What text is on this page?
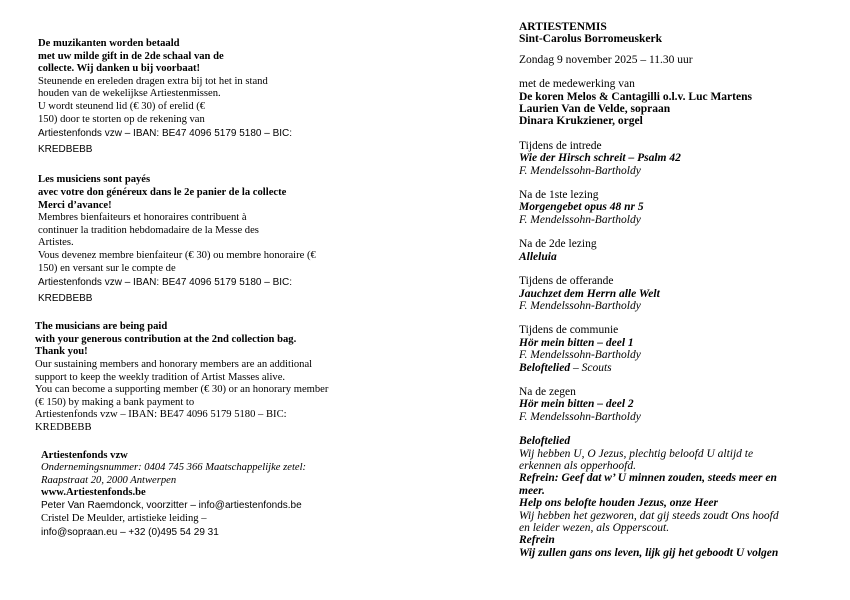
De muzikanten worden betaald
met uw milde gift in de 2de schaal van de
collecte. Wij danken u bij voorbaat!
Steunende en ereleden dragen extra bij tot het in stand
houden van de wekelijkse Artiestenmissen.
U wordt steunend lid (€ 30) of erelid (€
150) door te storten op de rekening van
Artiestenfonds vzw – IBAN: BE47 4096 5179 5180 – BIC:
KREDBEBB
Les musiciens sont payés
avec votre don généreux dans le 2e panier de la collecte
Merci d’avance!
Membres bienfaiteurs et honoraires contribuent à
continuer la tradition hebdomadaire de la Messe des
Artistes.
Vous devenez membre bienfaiteur (€ 30) ou membre honoraire (€
150) en versant sur le compte de
Artiestenfonds vzw – IBAN: BE47 4096 5179 5180 – BIC:
KREDBEBB
The musicians are being paid
with your generous contribution at the 2nd collection bag.
Thank you!
Our sustaining members and honorary members are an additional
support to keep the weekly tradition of Artist Masses alive.
You can become a supporting member (€ 30) or an honorary member
(€ 150) by making a bank payment to
Artiestenfonds vzw – IBAN: BE47 4096 5179 5180 – BIC:
KREDBEBB
Artiestenfonds vzw
Ondernemingsnummer: 0404 745 366 Maatschappelijke zetel:
Raapstraat 20, 2000 Antwerpen
www.Artiestenfonds.be
Peter Van Raemdonck, voorzitter – info@artiestenfonds.be
Cristel De Meulder, artistieke leiding –
info@sopraan.eu – +32 (0)495 54 29 31
ARTIESTENMIS
Sint-Carolus Borromeuskerk
Zondag 9 november 2025 – 11.30 uur
met de medewerking van
De koren Melos & Cantagilli o.l.v. Luc Martens
Laurien Van de Velde, sopraan
Dinara Krukziener, orgel
Tijdens de intrede
Wie der Hirsch schreit – Psalm 42
F. Mendelssohn-Bartholdy
Na de 1ste lezing
Morgengebet opus 48 nr 5
F. Mendelssohn-Bartholdy
Na de 2de lezing
Alleluia
Tijdens de offerande
Jauchzet dem Herrn alle Welt
F. Mendelssohn-Bartholdy
Tijdens de communie
Hör mein bitten – deel 1
F. Mendelssohn-Bartholdy
Beloftelied – Scouts
Na de zegen
Hör mein bitten – deel 2
F. Mendelssohn-Bartholdy
Beloftelied
Wij hebben U, O Jezus, plechtig beloofd U altijd te
erkennen als opperhoofd.
Refrein: Geef dat w’ U minnen zouden, steeds meer en
meer.
Help ons belofte houden Jezus, onze Heer
Wij hebben het gezworen, dat gij steeds zoudt Ons hoofd
en leider wezen, als Opperscout.
Refrein
Wij zullen gans ons leven, lijk gij het geboodt U volgen
